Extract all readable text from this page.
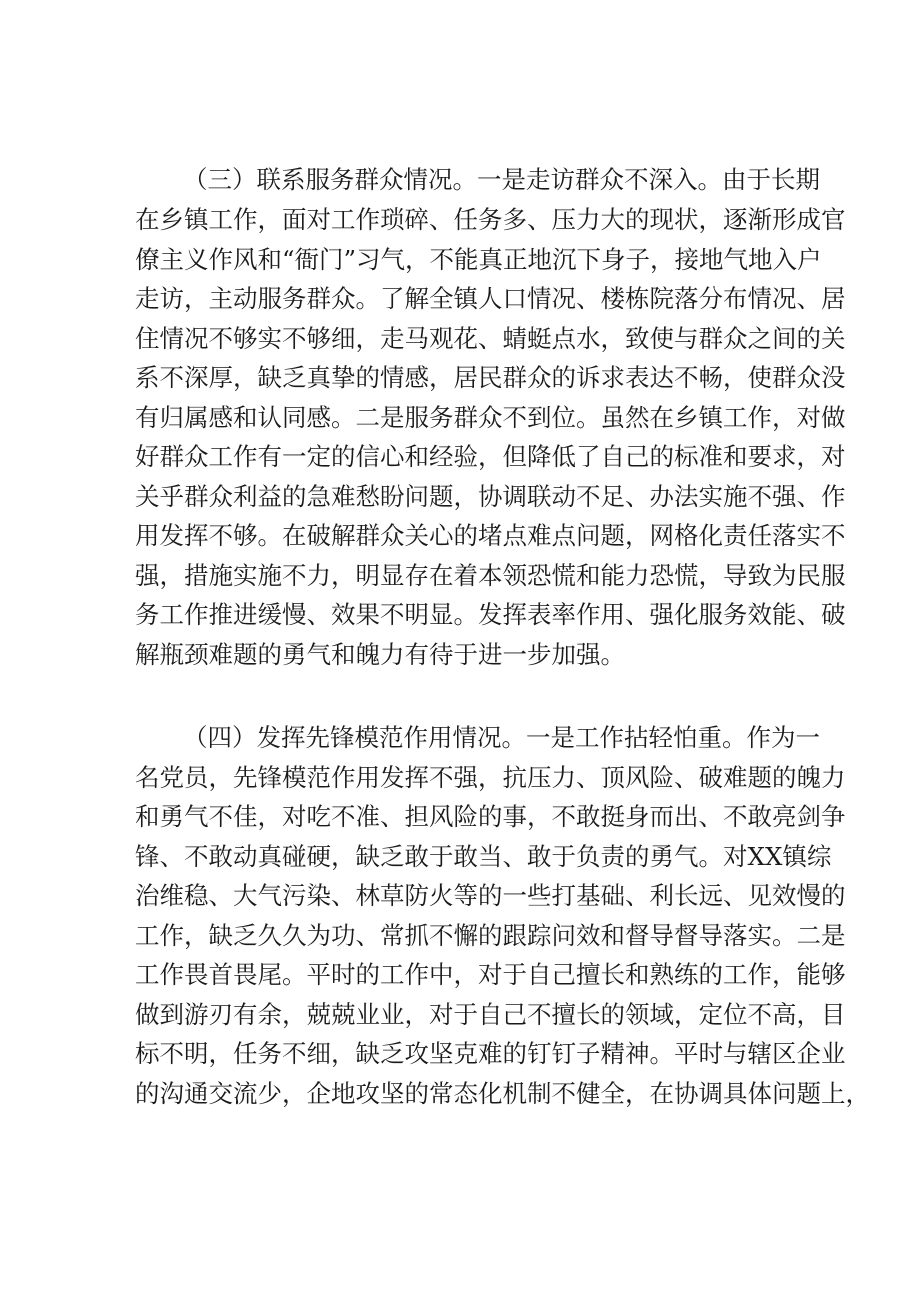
（三）联系服务群众情况。一是走访群众不深入。由于长期
在乡镇工作，面对工作琐碎、任务多、压力大的现状，逐渐形成官
僚主义作风和“衙门”习气，不能真正地沉下身子，接地气地入户
走访，主动服务群众。了解全镇人口情况、楼栋院落分布情况、居
住情况不够实不够细，走马观花、蜻蜓点水，致使与群众之间的关
系不深厚，缺乏真挚的情感，居民群众的诉求表达不畅，使群众没
有归属感和认同感。二是服务群众不到位。虽然在乡镇工作，对做
好群众工作有一定的信心和经验，但降低了自己的标准和要求，对
关乎群众利益的急难愁盼问题，协调联动不足、办法实施不强、作
用发挥不够。在破解群众关心的堵点难点问题，网格化责任落实不
强，措施实施不力，明显存在着本领恐慌和能力恐慌，导致为民服
务工作推进缓慢、效果不明显。发挥表率作用、强化服务效能、破
解瓶颈难题的勇气和魄力有待于进一步加强。
（四）发挥先锋模范作用情况。一是工作拈轻怕重。作为一
名党员，先锋模范作用发挥不强，抗压力、顶风险、破难题的魄力
和勇气不佳，对吃不准、担风险的事，不敢挺身而出、不敢亮剑争
锋、不敢动真碰硬，缺乏敢于敢当、敢于负责的勇气。对XX镇综
治维稳、大气污染、林草防火等的一些打基础、利长远、见效慢的
工作，缺乏久久为功、常抓不懈的跟踪问效和督导督导落实。二是
工作畏首畏尾。平时的工作中，对于自己擅长和熟练的工作，能够
做到游刃有余，兢兢业业，对于自己不擅长的领域，定位不高，目
标不明，任务不细，缺乏攻坚克难的钉钉子精神。平时与辖区企业
的沟通交流少，企地攻坚的常态化机制不健全，在协调具体问题上，
